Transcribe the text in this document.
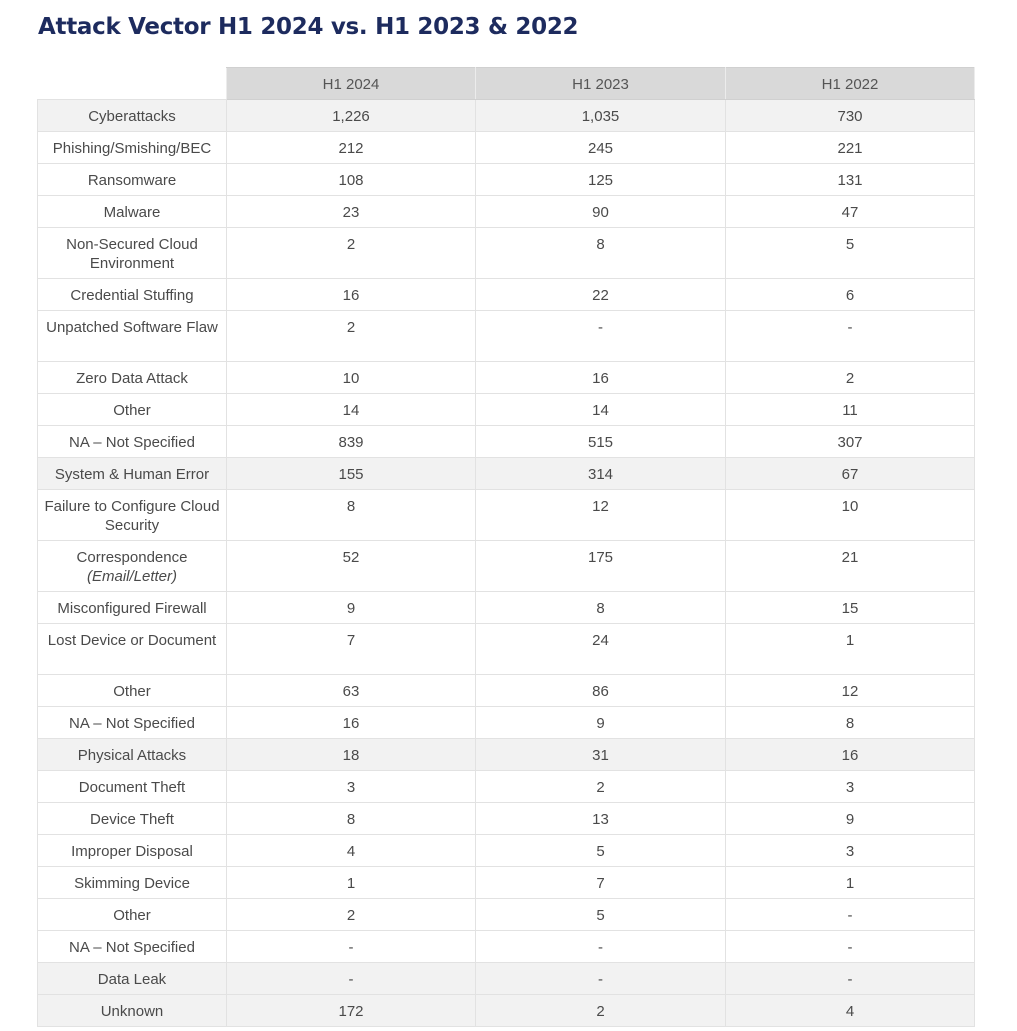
Attack Vector H1 2024 vs. H1 2023 & 2022
	H1 2024	H1 2023	H1 2022
Cyberattacks	1,226	1,035	730
Phishing/Smishing/BEC	212	245	221
Ransomware	108	125	131
Malware	23	90	47
Non-Secured Cloud Environment	2	8	5
Credential Stuffing	16	22	6
Unpatched Software Flaw	2	-	-
Zero Data Attack	10	16	2
Other	14	14	11
NA – Not Specified	839	515	307
System & Human Error	155	314	67
Failure to Configure Cloud Security	8	12	10
Correspondence
(Email/Letter)	52	175	21
Misconfigured Firewall	9	8	15
Lost Device or Document	7	24	1
Other	63	86	12
NA – Not Specified	16	9	8
Physical Attacks	18	31	16
Document Theft	3	2	3
Device Theft	8	13	9
Improper Disposal	4	5	3
Skimming Device	1	7	1
Other	2	5	-
NA – Not Specified	-	-	-
Data Leak	-	-	-
Unknown	172	2	4
